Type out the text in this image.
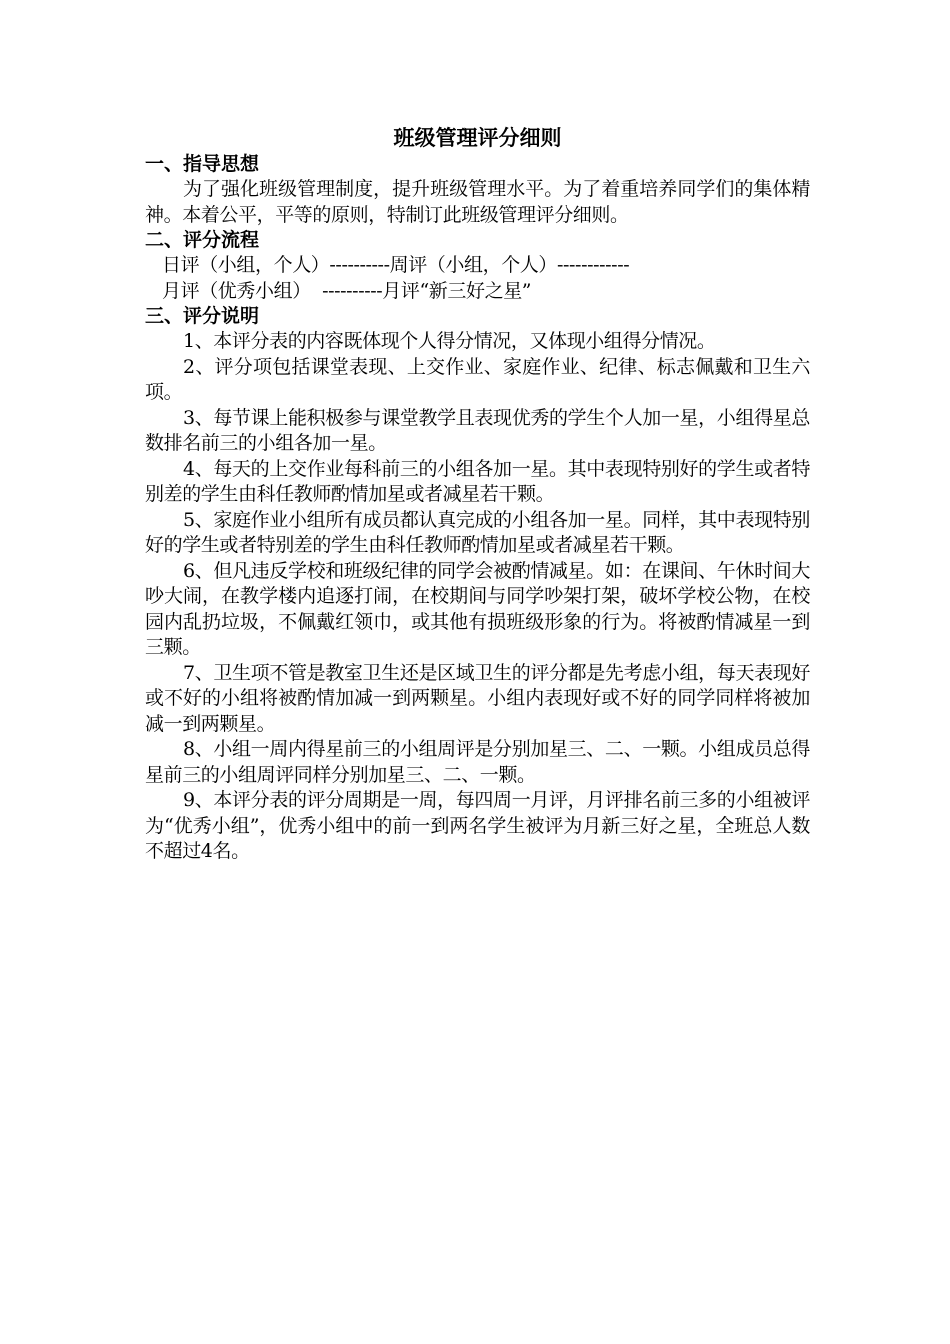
班级管理评分细则
一、指导思想

为了强化班级管理制度，提升班级管理水平。为了着重培养同学们的集体精神。本着公平，平等的原则，特制订此班级管理评分细则。

二、评分流程
日评（小组，个人）----------周评（小组，个人）------------
月评（优秀小组）  ----------月评“新三好之星”
三、评分说明

1、本评分表的内容既体现个人得分情况，又体现小组得分情况。

2、评分项包括课堂表现、上交作业、家庭作业、纪律、标志佩戴和卫生六项。

3、每节课上能积极参与课堂教学且表现优秀的学生个人加一星，小组得星总数排名前三的小组各加一星。

4、每天的上交作业每科前三的小组各加一星。其中表现特别好的学生或者特别差的学生由科任教师酌情加星或者减星若干颗。

5、家庭作业小组所有成员都认真完成的小组各加一星。同样，其中表现特别好的学生或者特别差的学生由科任教师酌情加星或者减星若干颗。

6、但凡违反学校和班级纪律的同学会被酌情减星。如：在课间、午休时间大吵大闹，在教学楼内追逐打闹，在校期间与同学吵架打架，破坏学校公物，在校园内乱扔垃圾，不佩戴红领巾，或其他有损班级形象的行为。将被酌情减星一到三颗。

7、卫生项不管是教室卫生还是区域卫生的评分都是先考虑小组，每天表现好或不好的小组将被酌情加减一到两颗星。小组内表现好或不好的同学同样将被加减一到两颗星。

8、小组一周内得星前三的小组周评是分别加星三、二、一颗。小组成员总得星前三的小组周评同样分别加星三、二、一颗。

9、本评分表的评分周期是一周，每四周一月评，月评排名前三多的小组被评为“优秀小组”，优秀小组中的前一到两名学生被评为月新三好之星，全班总人数不超过4名。
